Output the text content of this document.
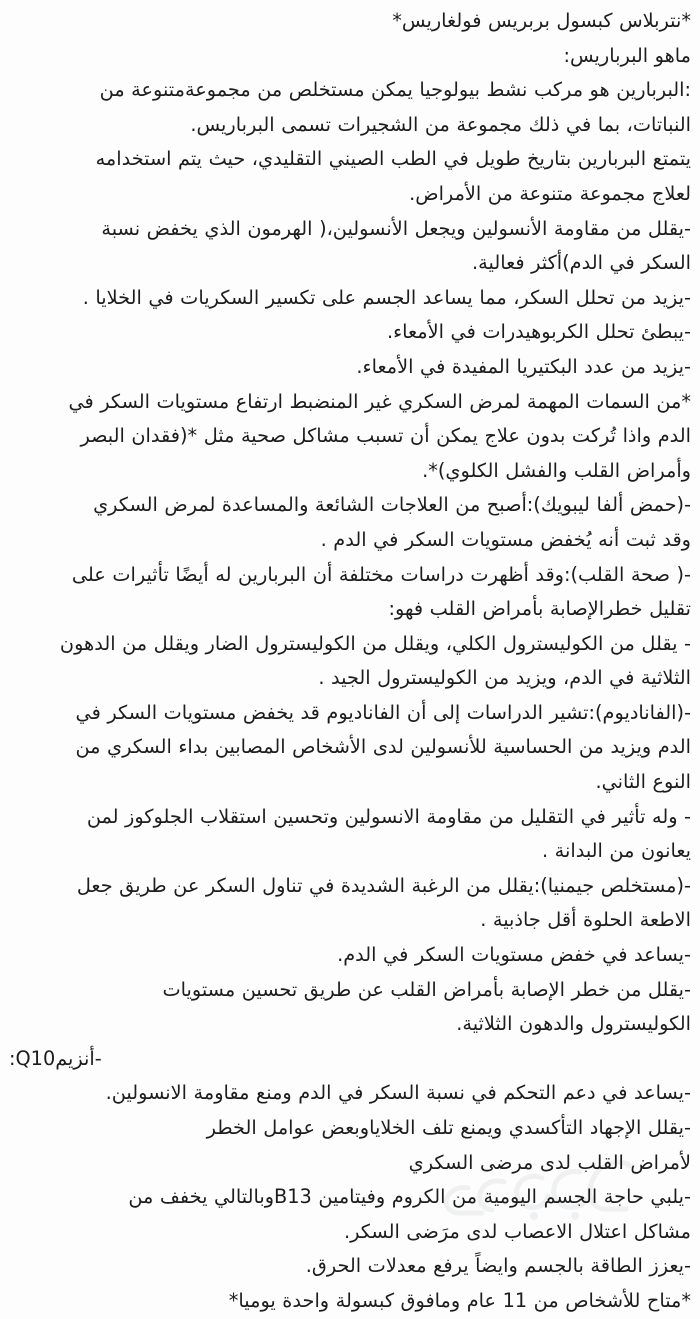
*نتربلاس كبسول بربريس فولغاريس*
ماهو البرباريس:
:البربارين هو مركب نشط بيولوجيا يمكن مستخلص من مجموعةمتنوعة من
النباتات، بما في ذلك مجموعة من الشجيرات تسمى البرباريس.
يتمتع البربارين بتاريخ طويل في الطب الصيني التقليدي، حيث يتم استخدامه
لعلاج مجموعة متنوعة من الأمراض.
-يقلل من مقاومة الأنسولين ويجعل الأنسولين،( الهرمون الذي يخفض نسبة
السكر في الدم)أكثر فعالية.
-يزيد من تحلل السكر، مما يساعد الجسم على تكسير السكريات في الخلايا .
-يبطئ تحلل الكربوهيدرات في الأمعاء.
-يزيد من عدد البكتيريا المفيدة في الأمعاء.
*من السمات المهمة لمرض السكري غير المنضبط ارتفاع مستويات السكر في
الدم واذا تُركت بدون علاج يمكن أن تسبب مشاكل صحية مثل *(فقدان البصر
وأمراض القلب والفشل الكلوي)*.
-(حمض ألفا ليبويك):أصبح من العلاجات الشائعة والمساعدة لمرض السكري
وقد ثبت أنه يُخفض مستويات السكر في الدم .
-( صحة القلب):وقد أظهرت دراسات مختلفة أن البربارين له أيضًا تأثيرات على
تقليل خطرالإصابة بأمراض القلب فهو:
- يقلل من الكوليسترول الكلي، ويقلل من الكوليسترول الضار ويقلل من الدهون
الثلاثية في الدم، ويزيد من الكوليسترول الجيد .
-(الفاناديوم):تشير الدراسات إلى أن الفاناديوم قد يخفض مستويات السكر في
الدم ويزيد من الحساسية للأنسولين لدى الأشخاص المصابين بداء السكري من
النوع الثاني.
- وله تأثير في التقليل من مقاومة الانسولين وتحسين استقلاب الجلوكوز لمن
يعانون من البدانة .
-(مستخلص جيمنيا):يقلل من الرغبة الشديدة في تناول السكر عن طريق جعل
الاطعة الحلوة أقل جاذبية .
-يساعد في خفض مستويات السكر في الدم.
-يقلل من خطر الإصابة بأمراض القلب عن طريق تحسين مستويات
الكوليسترول والدهون الثلاثية.
-أنزيمQ10:
-يساعد في دعم التحكم في نسبة السكر في الدم ومنع مقاومة الانسولين.
-يقلل الإجهاد التأكسدي ويمنع تلف الخلاياوبعض عوامل الخطر
لأمراض القلب لدى مرضى السكري
-يلبي حاجة الجسم اليومية من الكروم وفيتامين B13وبالتالي يخفف من
مشاكل اعتلال الاعصاب لدى مرَضى السكر.
-يعزز الطاقة بالجسم وايضاً يرفع معدلات الحرق.
*متاح للأشخاص من 11 عام ومافوق كبسولة واحدة يوميا*
